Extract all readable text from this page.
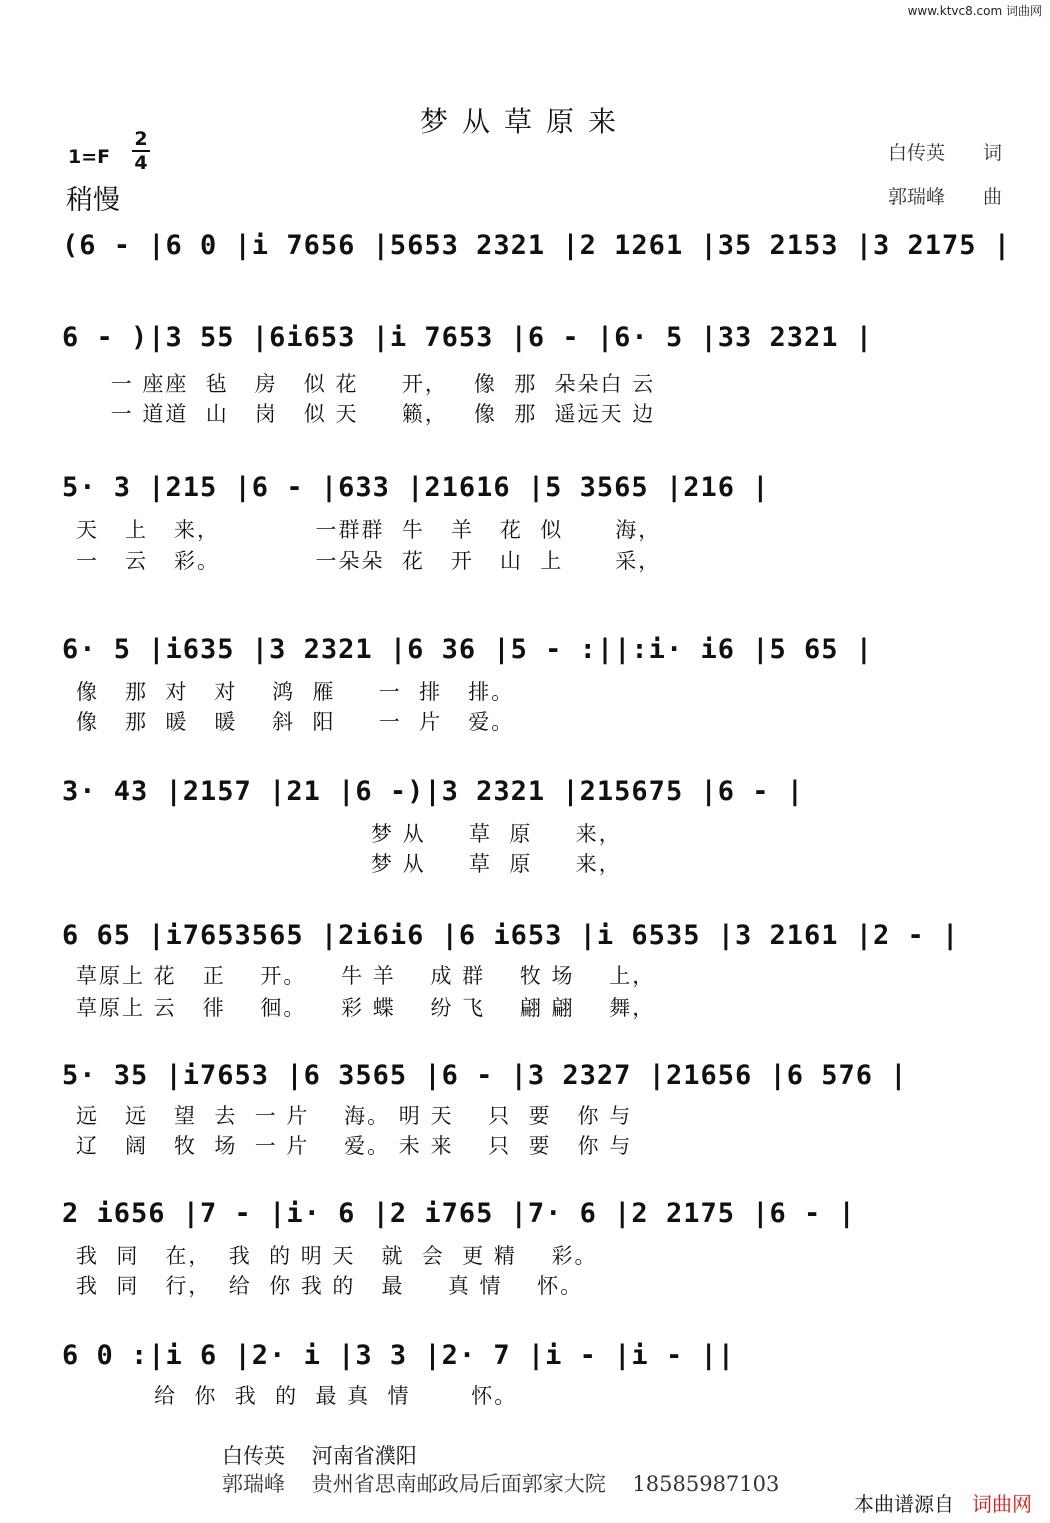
www.ktvc8.com 词曲网
梦从草原来
1=F
2
4
稍慢
白传英 词
郭瑞峰 曲
(6 - |6 0 |i 7656 |5653 2321 |2 1261 |35 2153 |3 2175 |
6 - )|3 55 |6i653 |i 7653 |6 - |6· 5 |33 2321 |
一 座座  毡   房   似 花     开，   像  那  朵朵白 云
一 道道  山   岗   似 天     籁，   像  那  遥远天 边
5· 3 |215 |6 - |633 |21616 |5 3565 |216 |
天   上   来，           一群群  牛   羊   花  似      海，
一   云   彩。           一朵朵  花   开   山  上      采，
6· 5 |i635 |3 2321 |6 36 |5 - :||:i· i6 |5 65 |
像   那  对   对    鸿  雁     一  排   排。
像   那  暖   暖    斜  阳     一  片   爱。
3· 43 |2157 |21 |6 -)|3 2321 |215675 |6 - |
梦 从     草  原     来，
梦 从     草  原     来，
6 65 |i7653565 |2i6i6 |6 i653 |i 6535 |3 2161 |2 - |
草原上 花   正    开。    牛 羊    成 群    牧 场    上，
草原上 云   徘    徊。    彩 蝶    纷 飞    翩 翩    舞，
5· 35 |i7653 |6 3565 |6 - |3 2327 |21656 |6 576 |
远   远   望  去  一 片    海。 明 天    只  要   你 与
辽   阔   牧  场  一 片    爱。 未 来    只  要   你 与
2 i656 |7 - |i· 6 |2 i765 |7· 6 |2 2175 |6 - |
我  同   在，  我  的 明 天   就  会  更 精    彩。
我  同   行，  给  你 我 的   最     真 情    怀。
6 0 :|i 6 |2· i |3 3 |2· 7 |i - |i - ||
给  你  我  的  最 真  情       怀。
白传英    河南省濮阳
郭瑞峰    贵州省思南邮政局后面郭家大院    18585987103
本曲谱源自 词曲网
